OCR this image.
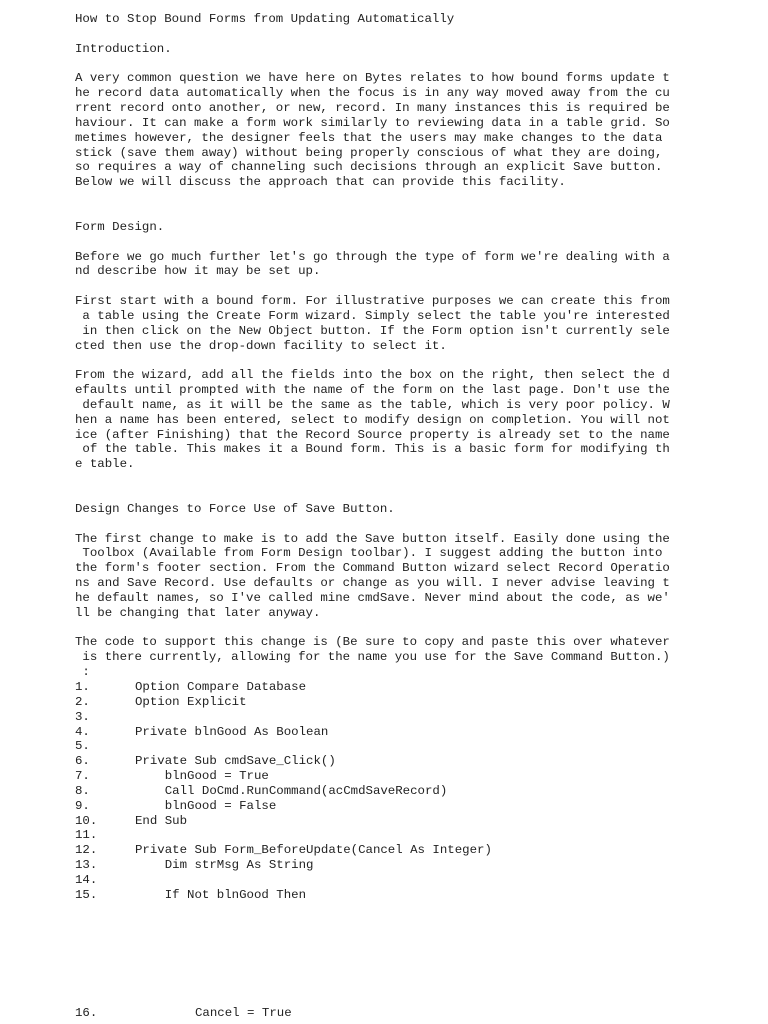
How to Stop Bound Forms from Updating Automatically
Introduction.
A very common question we have here on Bytes relates to how bound forms update t
he record data automatically when the focus is in any way moved away from the cu
rrent record onto another, or new, record. In many instances this is required be
haviour. It can make a form work similarly to reviewing data in a table grid. So
metimes however, the designer feels that the users may make changes to the data
stick (save them away) without being properly conscious of what they are doing,
so requires a way of channeling such decisions through an explicit Save button.
Below we will discuss the approach that can provide this facility.
Form Design.
Before we go much further let's go through the type of form we're dealing with a
nd describe how it may be set up.
First start with a bound form. For illustrative purposes we can create this from
a table using the Create Form wizard. Simply select the table you're interested
in then click on the New Object button. If the Form option isn't currently sele
cted then use the drop-down facility to select it.
From the wizard, add all the fields into the box on the right, then select the d
efaults until prompted with the name of the form on the last page. Don't use the
default name, as it will be the same as the table, which is very poor policy. W
hen a name has been entered, select to modify design on completion. You will not
ice (after Finishing) that the Record Source property is already set to the name
of the table. This makes it a Bound form. This is a basic form for modifying th
e table.
Design Changes to Force Use of Save Button.
The first change to make is to add the Save button itself. Easily done using the
Toolbox (Available from Form Design toolbar). I suggest adding the button into
the form's footer section. From the Command Button wizard select Record Operatio
ns and Save Record. Use defaults or change as you will. I never advise leaving t
he default names, so I've called mine cmdSave. Never mind about the code, as we'
ll be changing that later anyway.
The code to support this change is (Be sure to copy and paste this over whatever
is there currently, allowing for the name you use for the Save Command Button.)
:
1.	Option Compare Database
2.	Option Explicit
3.
4.	Private blnGood As Boolean
5.
6.	Private Sub cmdSave_Click()
7.	blnGood = True
8.	Call DoCmd.RunCommand(acCmdSaveRecord)
9.	blnGood = False
10.	End Sub
11.
12.	Private Sub Form_BeforeUpdate(Cancel As Integer)
13.	Dim strMsg As String
14.
15.	If Not blnGood Then
16.	Cancel = True
